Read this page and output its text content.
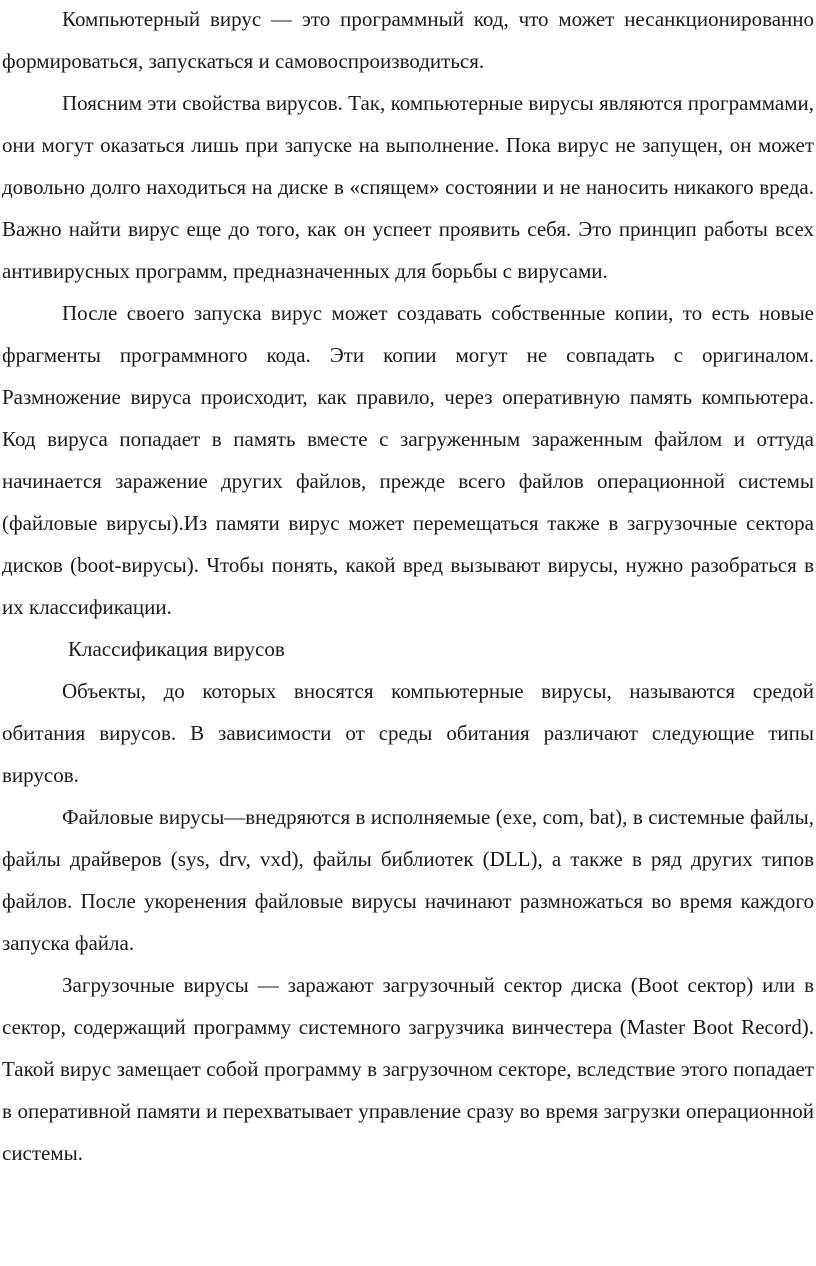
Компьютерный вирус — это программный код, что может несанкционированно формироваться, запускаться и самовоспроизводиться.

Поясним эти свойства вирусов. Так, компьютерные вирусы являются программами, они могут оказаться лишь при запуске на выполнение. Пока вирус не запущен, он может довольно долго находиться на диске в «спящем» состоянии и не наносить никакого вреда. Важно найти вирус еще до того, как он успеет проявить себя. Это принцип работы всех антивирусных программ, предназначенных для борьбы с вирусами.

После своего запуска вирус может создавать собственные копии, то есть новые фрагменты программного кода. Эти копии могут не совпадать с оригиналом. Размножение вируса происходит, как правило, через оперативную память компьютера. Код вируса попадает в память вместе с загруженным зараженным файлом и оттуда начинается заражение других файлов, прежде всего файлов операционной системы (файловые вирусы).Из памяти вирус может перемещаться также в загрузочные сектора дисков (boot-вирусы). Чтобы понять, какой вред вызывают вирусы, нужно разобраться в их классификации.

Классификация вирусов

Объекты, до которых вносятся компьютерные вирусы, называются средой обитания вирусов. В зависимости от среды обитания различают следующие типы вирусов.

Файловые вирусы—внедряются в исполняемые (exe, com, bat), в системные файлы, файлы драйверов (sys, drv, vxd), файлы библиотек (DLL), а также в ряд других типов файлов. После укоренения файловые вирусы начинают размножаться во время каждого запуска файла.

Загрузочные вирусы — заражают загрузочный сектор диска (Boot сектор) или в сектор, содержащий программу системного загрузчика винчестера (Master Boot Record). Такой вирус замещает собой программу в загрузочном секторе, вследствие этого попадает в оперативной памяти и перехватывает управление сразу во время загрузки операционной системы.
